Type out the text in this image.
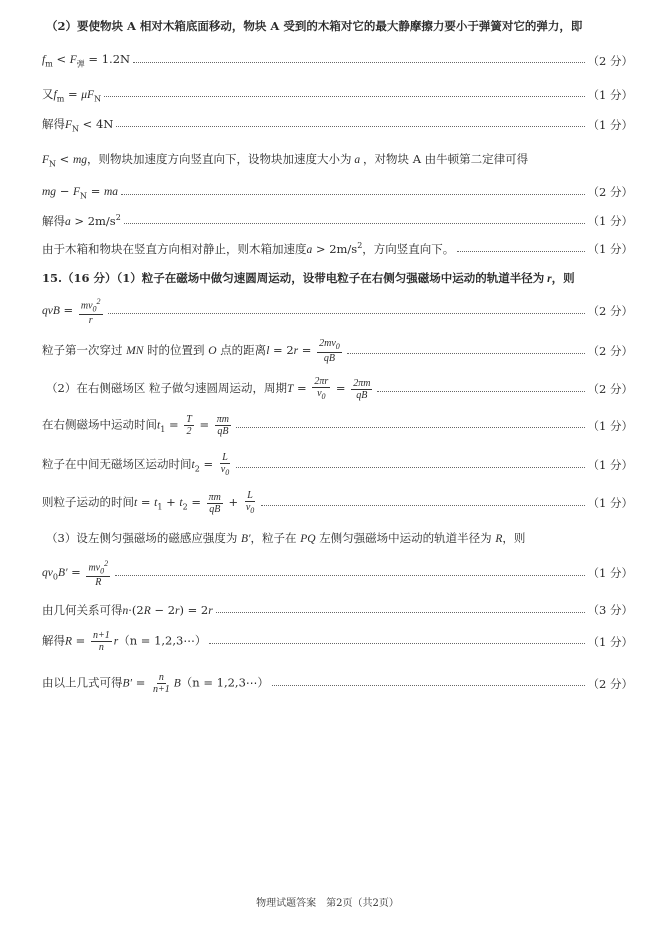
（2）要使物块 A 相对木箱底面移动，物块 A 受到的木箱对它的最大静摩擦力要小于弹簧对它的弹力，即
$f_m < F_弹 = 1.2N$	（2 分）
又$f_m = \mu F_N$	（1 分）
解得$F_N < 4N$	（1 分）
$F_N$ < mg，则物块加速度方向竖直向下，设物块加速度大小为 a ，对物块 A 由牛顿第二定律可得
mg − $F_N$ = ma	（2 分）
解得$a > 2m/s^2$	（1 分）
由于木箱和物块在竖直方向相对静止，则木箱加速度$a > 2m/s^2$，方向竖直向下。	（1 分）
15.（16 分）（1）粒子在磁场中做匀速圆周运动，设带电粒子在右侧匀强磁场中运动的轨道半径为 r，则
qvB = $\frac{mv_0^2}{r}$	（2 分）
粒子第一次穿过 MN 时的位置到 O 点的距离$l = 2r = \frac{2mv_0}{qB}$	（2 分）
（2）在右侧磁场区 粒子做匀速圆周运动，周期$T = \frac{2\pi r}{v_0} = \frac{2\pi m}{qB}$	（2 分）
在右侧磁场中运动时间$t_1 = \frac{T}{2} = \frac{\pi m}{qB}$	（1 分）
粒子在中间无磁场区运动时间$t_2 = \frac{L}{v_0}$	（1 分）
则粒子运动的时间$t = t_1 + t_2 = \frac{\pi m}{qB} + \frac{L}{v_0}$	（1 分）
（3）设左侧匀强磁场的磁感应强度为 B′，粒子在 PQ 左侧匀强磁场中运动的轨道半径为 R，则
$qv_0B' = \frac{mv_0^2}{R}$	（1 分）
由几何关系可得n·(2R − 2r) = 2r	（3 分）
解得$R = \frac{n+1}{n} r(n$ = 1,2,3⋯）	（1 分）
由以上几式可得$B' = \frac{n}{n+1} B(n$ = 1,2,3⋯）	（2 分）
物理试题答案　第2页（共2页）
